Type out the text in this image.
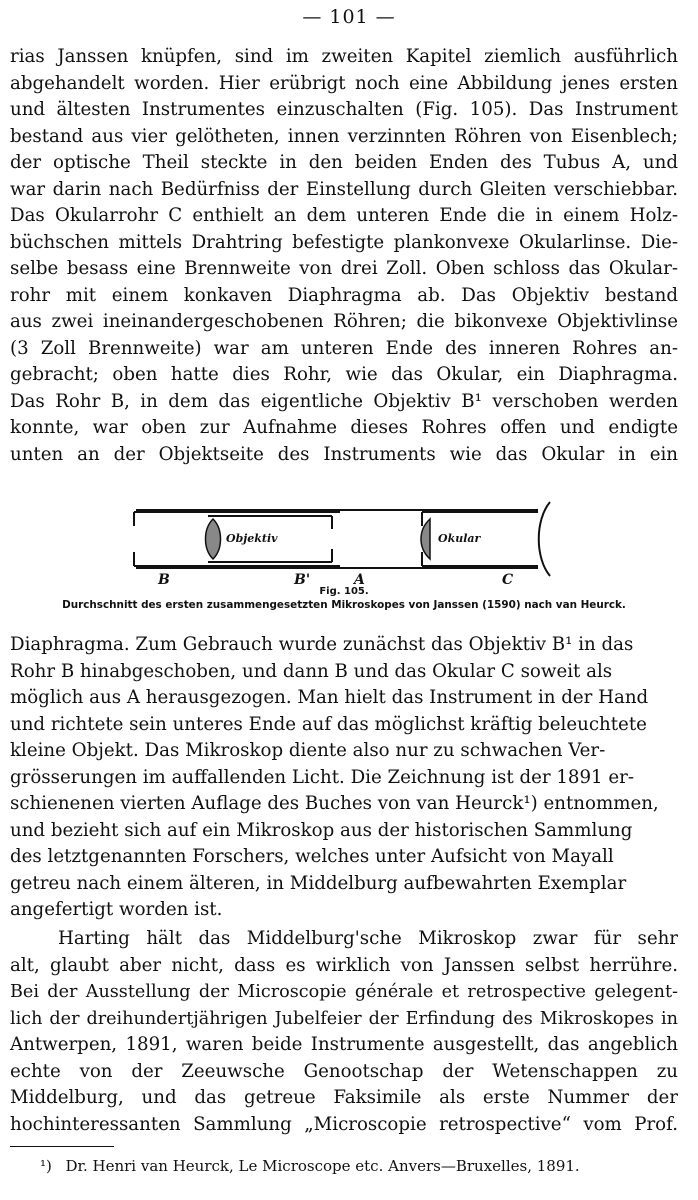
— 101 —
rias Janssen knüpfen, sind im zweiten Kapitel ziemlich ausführlich
abgehandelt worden. Hier erübrigt noch eine Abbildung jenes ersten
und ältesten Instrumentes einzuschalten (Fig. 105). Das Instrument
bestand aus vier gelötheten, innen verzinnten Röhren von Eisenblech;
der optische Theil steckte in den beiden Enden des Tubus A, und
war darin nach Bedürfniss der Einstellung durch Gleiten verschiebbar.
Das Okularrohr C enthielt an dem unteren Ende die in einem Holz-
büchschen mittels Drahtring befestigte plankonvexe Okularlinse. Die-
selbe besass eine Brennweite von drei Zoll. Oben schloss das Okular-
rohr mit einem konkaven Diaphragma ab. Das Objektiv bestand
aus zwei ineinandergeschobenen Röhren; die bikonvexe Objektivlinse
(3 Zoll Brennweite) war am unteren Ende des inneren Rohres an-
gebracht; oben hatte dies Rohr, wie das Okular, ein Diaphragma.
Das Rohr B, in dem das eigentliche Objektiv B¹ verschoben werden
konnte, war oben zur Aufnahme dieses Rohres offen und endigte
unten an der Objektseite des Instruments wie das Okular in ein
Objektiv	Okular
B	B'	A	C
Fig. 105.
Durchschnitt des ersten zusammengesetzten Mikroskopes von Janssen (1590) nach van Heurck.
Diaphragma. Zum Gebrauch wurde zunächst das Objektiv B¹ in das
Rohr B hinabgeschoben, und dann B und das Okular C soweit als
möglich aus A herausgezogen. Man hielt das Instrument in der Hand
und richtete sein unteres Ende auf das möglichst kräftig beleuchtete
kleine Objekt. Das Mikroskop diente also nur zu schwachen Ver-
grösserungen im auffallenden Licht. Die Zeichnung ist der 1891 er-
schienenen vierten Auflage des Buches von van Heurck¹) entnommen,
und bezieht sich auf ein Mikroskop aus der historischen Sammlung
des letztgenannten Forschers, welches unter Aufsicht von Mayall
getreu nach einem älteren, in Middelburg aufbewahrten Exemplar
angefertigt worden ist.
Harting hält das Middelburg'sche Mikroskop zwar für sehr
alt, glaubt aber nicht, dass es wirklich von Janssen selbst herrühre.
Bei der Ausstellung der Microscopie générale et retrospective gelegent-
lich der dreihundertjährigen Jubelfeier der Erfindung des Mikroskopes in
Antwerpen, 1891, waren beide Instrumente ausgestellt, das angeblich
echte von der Zeeuwsche Genootschap der Wetenschappen zu
Middelburg, und das getreue Faksimile als erste Nummer der
hochinteressanten Sammlung „Microscopie retrospective“ vom Prof.
¹) Dr. Henri van Heurck, Le Microscope etc. Anvers—Bruxelles, 1891.
